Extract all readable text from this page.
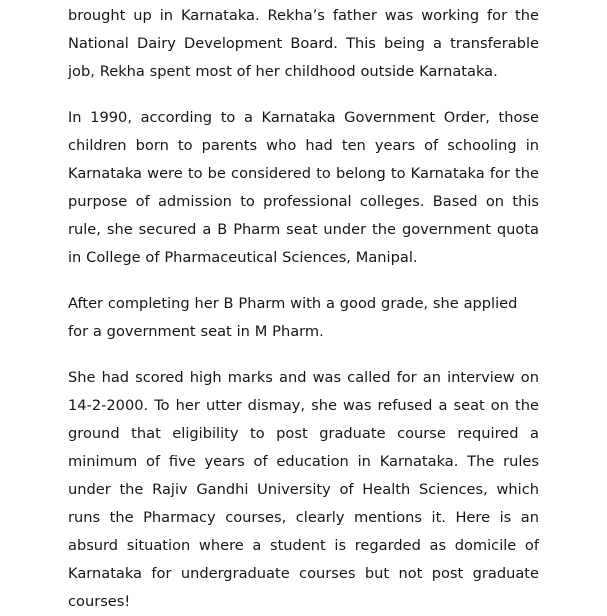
brought up in Karnataka. Rekha’s father was working for the National Dairy Development Board. This being a transferable job, Rekha spent most of her childhood outside Karnataka.

In 1990, according to a Karnataka Government Order, those children born to parents who had ten years of schooling in Karnataka were to be considered to belong to Karnataka for the purpose of admission to professional colleges. Based on this rule, she secured a B Pharm seat under the government quota in College of Pharmaceutical Sciences, Manipal.

After completing her B Pharm with a good grade, she applied for a government seat in M Pharm.

She had scored high marks and was called for an interview on 14-2-2000. To her utter dismay, she was refused a seat on the ground that eligibility to post graduate course required a minimum of five years of education in Karnataka. The rules under the Rajiv Gandhi University of Health Sciences, which runs the Pharmacy courses, clearly mentions it. Here is an absurd situation where a student is regarded as domicile of Karnataka for undergraduate courses but not post graduate courses!
